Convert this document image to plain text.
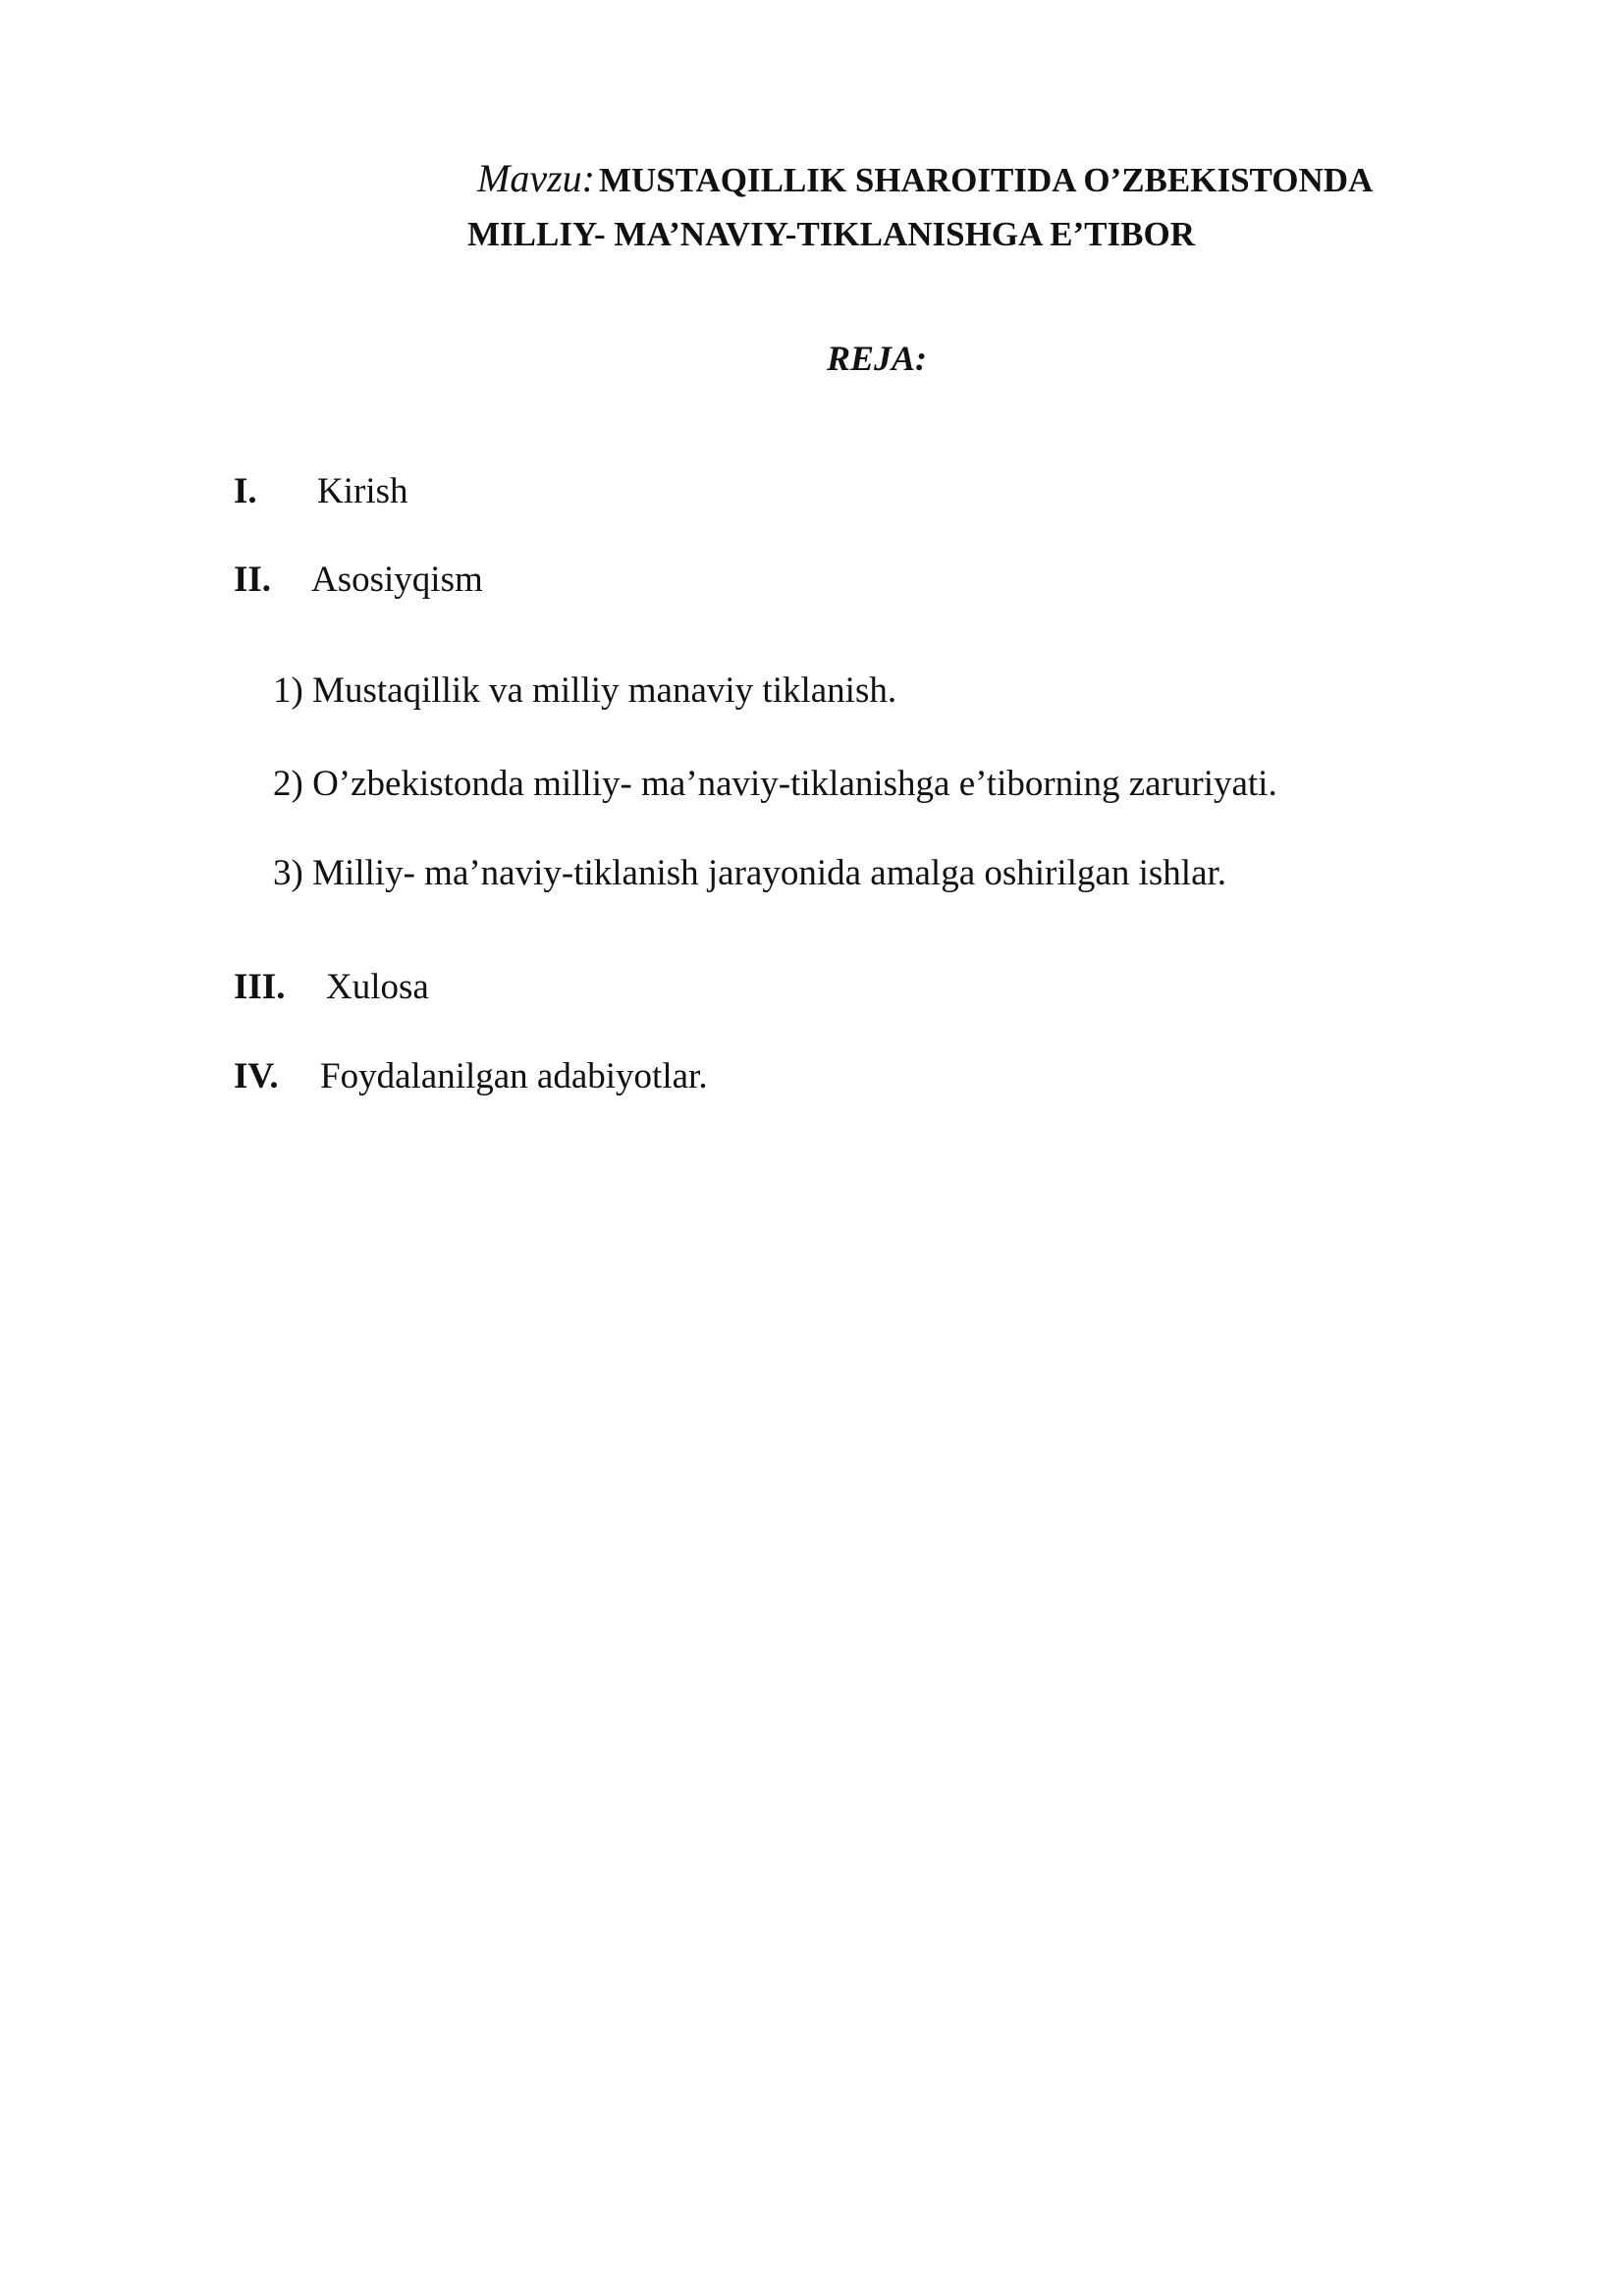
Mavzu: MUSTAQILLIK SHAROITIDA O’ZBEKISTONDA
MILLIY- MA’NAVIY-TIKLANISHGA E’TIBOR
REJA:
I. Kirish
II. Asosiyqism
1) Mustaqillik va milliy manaviy tiklanish.
2) O’zbekistonda milliy- ma’naviy-tiklanishga e’tiborning zaruriyati.
3) Milliy- ma’naviy-tiklanish jarayonida amalga oshirilgan ishlar.
III. Xulosa
IV. Foydalanilgan adabiyotlar.
